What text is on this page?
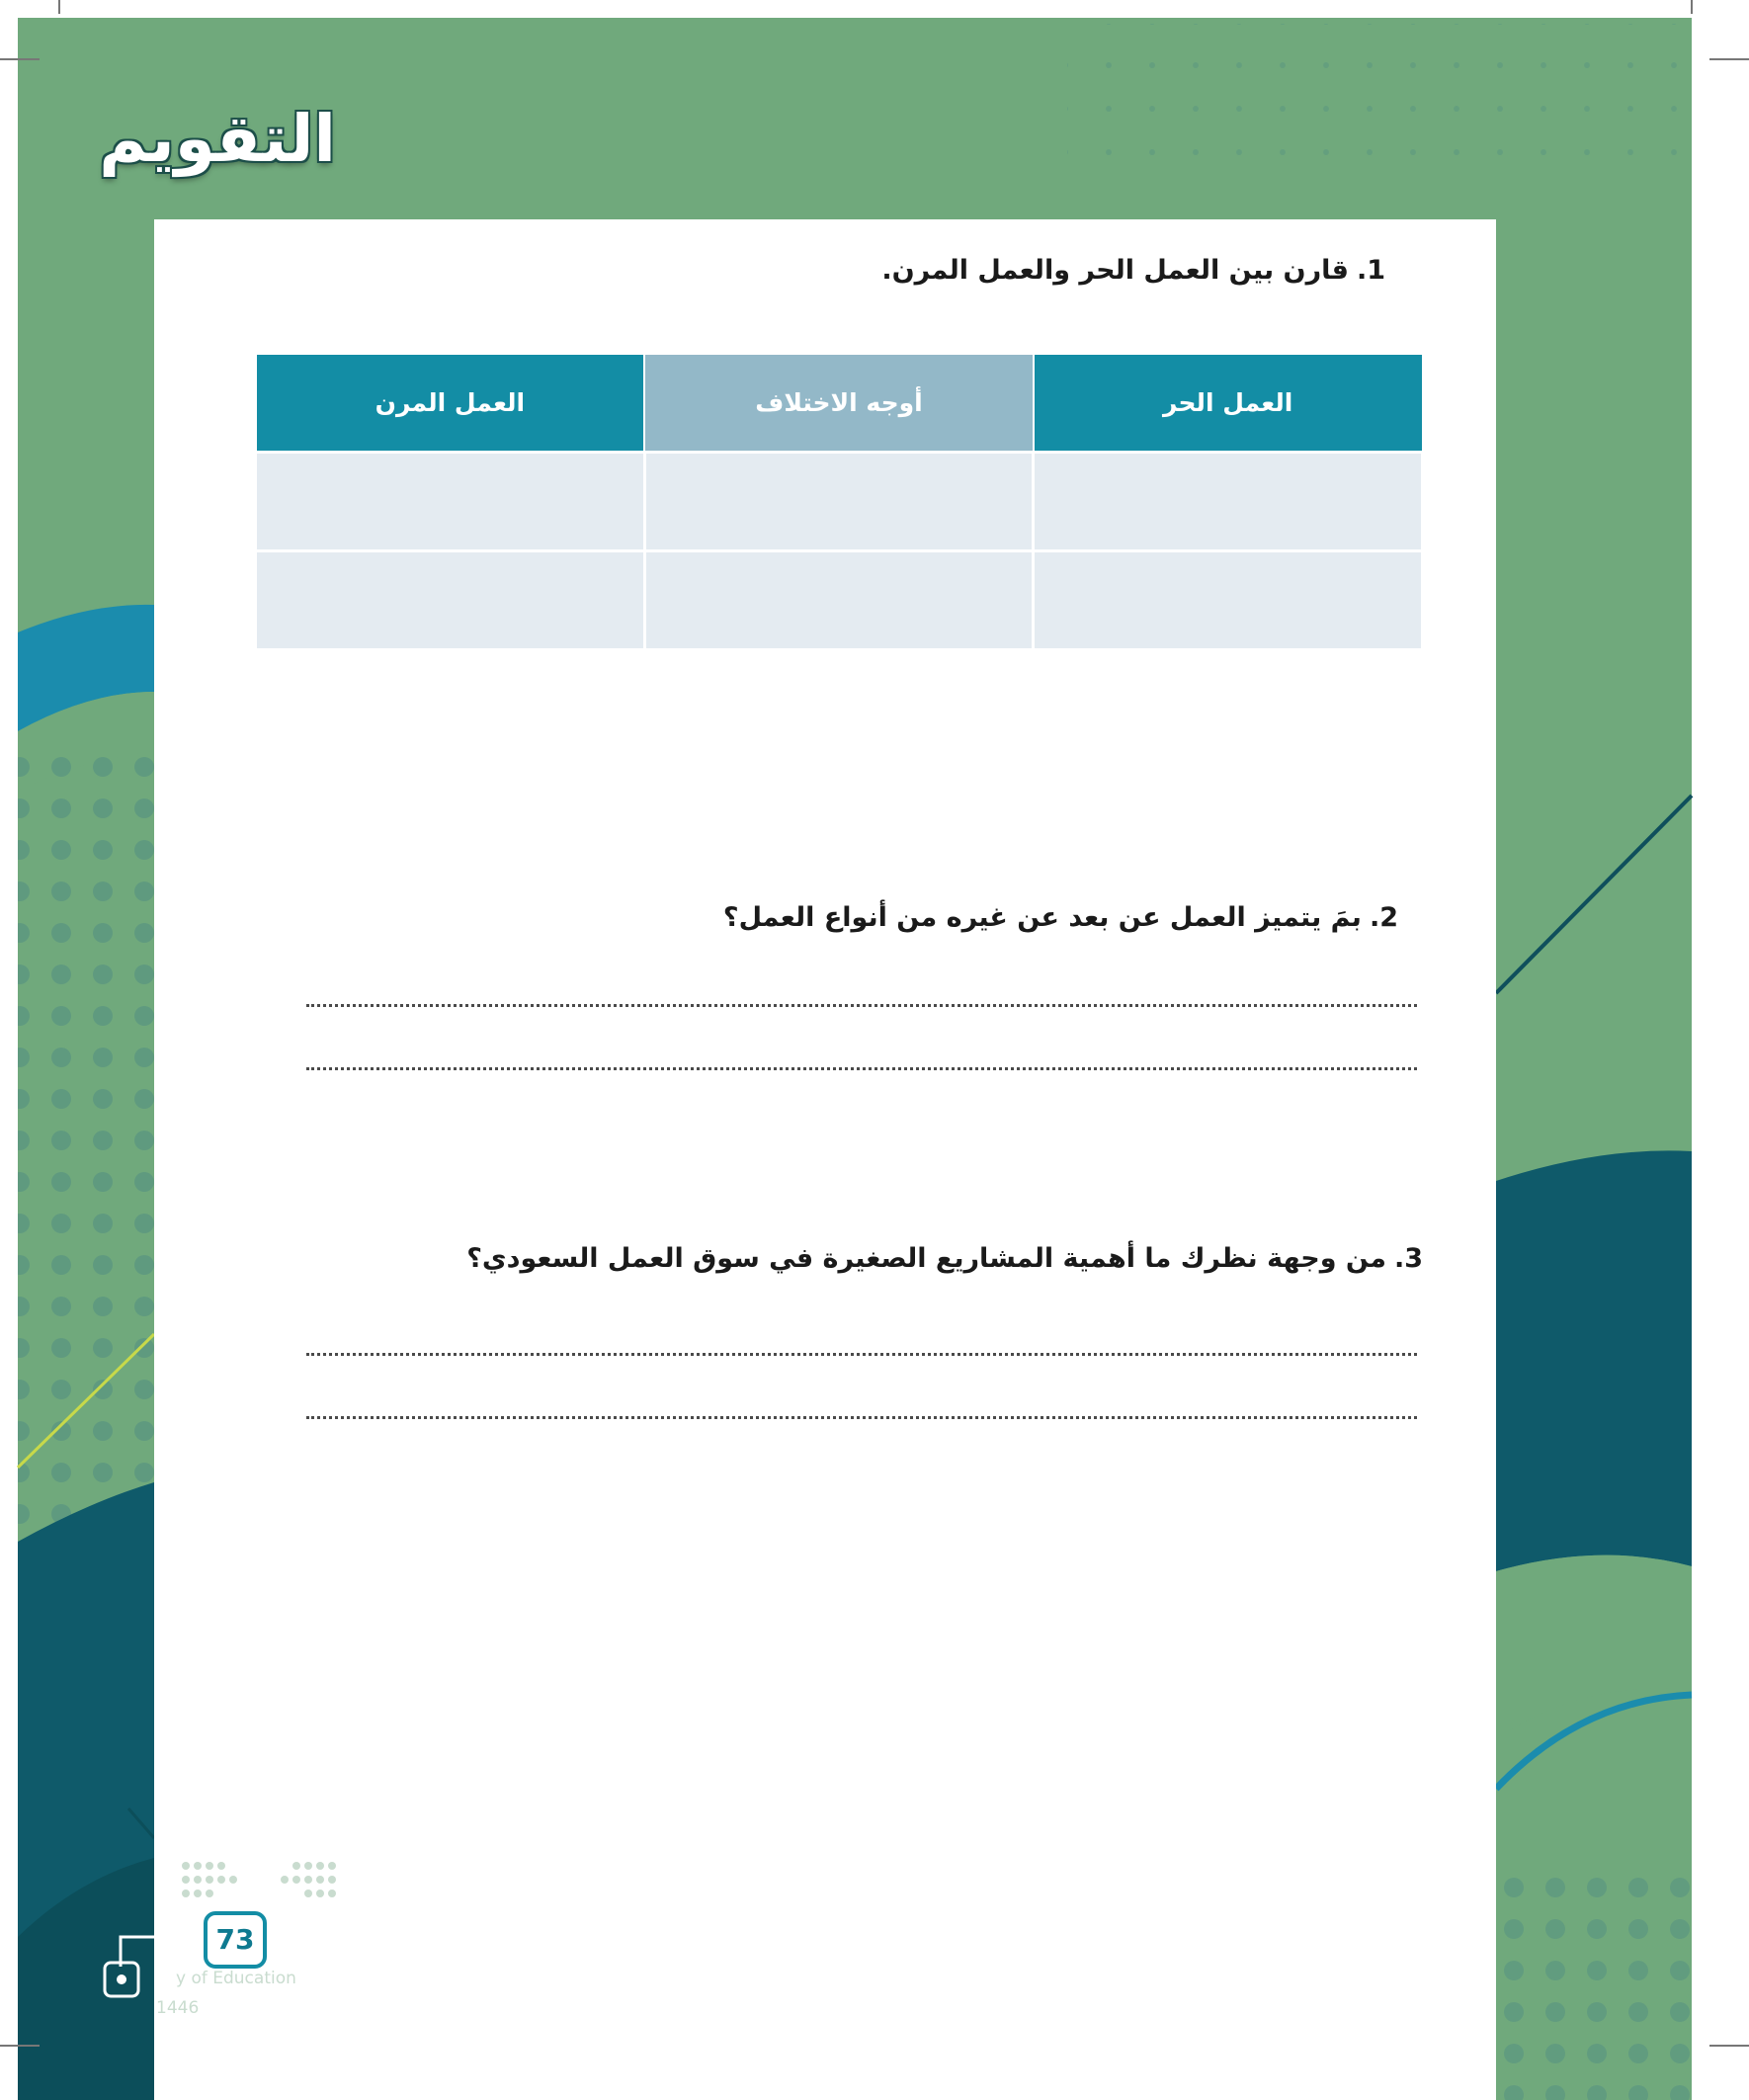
التقويم
1.قارن بين العمل الحر والعمل المرن.
العمل الحر	أوجه الاختلاف	العمل المرن

2.بمَ يتميز العمل عن بعد عن غيره من أنواع العمل؟
3.من وجهة نظرك ما أهمية المشاريع الصغيرة في سوق العمل السعودي؟
73
y of Education
1446
